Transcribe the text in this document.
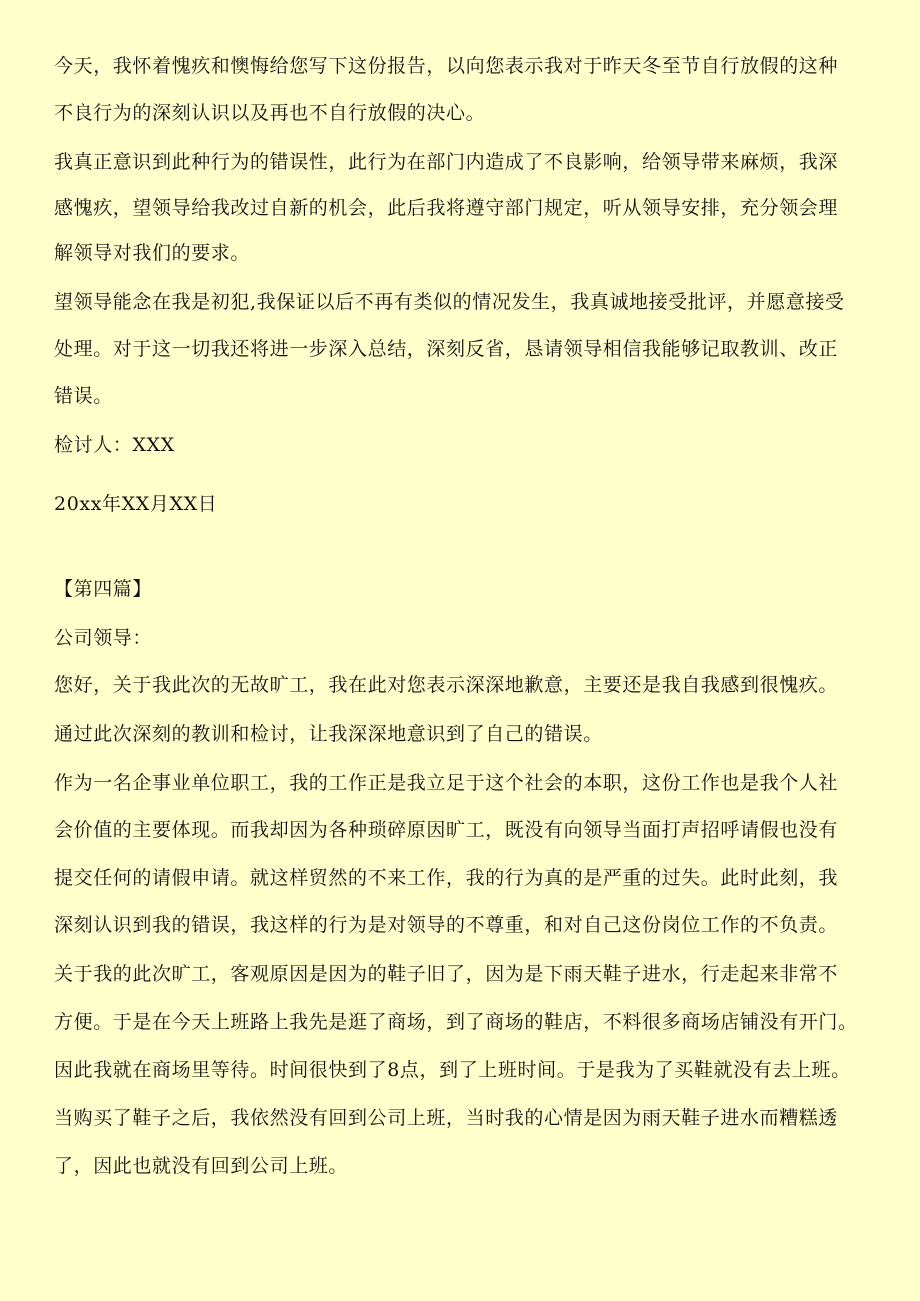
今天，我怀着愧疚和懊悔给您写下这份报告，以向您表示我对于昨天冬至节自行放假的这种
不良行为的深刻认识以及再也不自行放假的决心。
我真正意识到此种行为的错误性，此行为在部门内造成了不良影响，给领导带来麻烦，我深
感愧疚，望领导给我改过自新的机会，此后我将遵守部门规定，听从领导安排，充分领会理
解领导对我们的要求。
望领导能念在我是初犯,我保证以后不再有类似的情况发生，我真诚地接受批评，并愿意接受
处理。对于这一切我还将进一步深入总结，深刻反省，恳请领导相信我能够记取教训、改正
错误。
检讨人：XXX
20xx年XX月XX日
【第四篇】
公司领导：
您好，关于我此次的无故旷工，我在此对您表示深深地歉意，主要还是我自我感到很愧疚。
通过此次深刻的教训和检讨，让我深深地意识到了自己的错误。
作为一名企事业单位职工，我的工作正是我立足于这个社会的本职，这份工作也是我个人社
会价值的主要体现。而我却因为各种琐碎原因旷工，既没有向领导当面打声招呼请假也没有
提交任何的请假申请。就这样贸然的不来工作，我的行为真的是严重的过失。此时此刻，我
深刻认识到我的错误，我这样的行为是对领导的不尊重，和对自己这份岗位工作的不负责。
关于我的此次旷工，客观原因是因为的鞋子旧了，因为是下雨天鞋子进水，行走起来非常不
方便。于是在今天上班路上我先是逛了商场，到了商场的鞋店，不料很多商场店铺没有开门。
因此我就在商场里等待。时间很快到了8点，到了上班时间。于是我为了买鞋就没有去上班。
当购买了鞋子之后，我依然没有回到公司上班，当时我的心情是因为雨天鞋子进水而糟糕透
了，因此也就没有回到公司上班。
